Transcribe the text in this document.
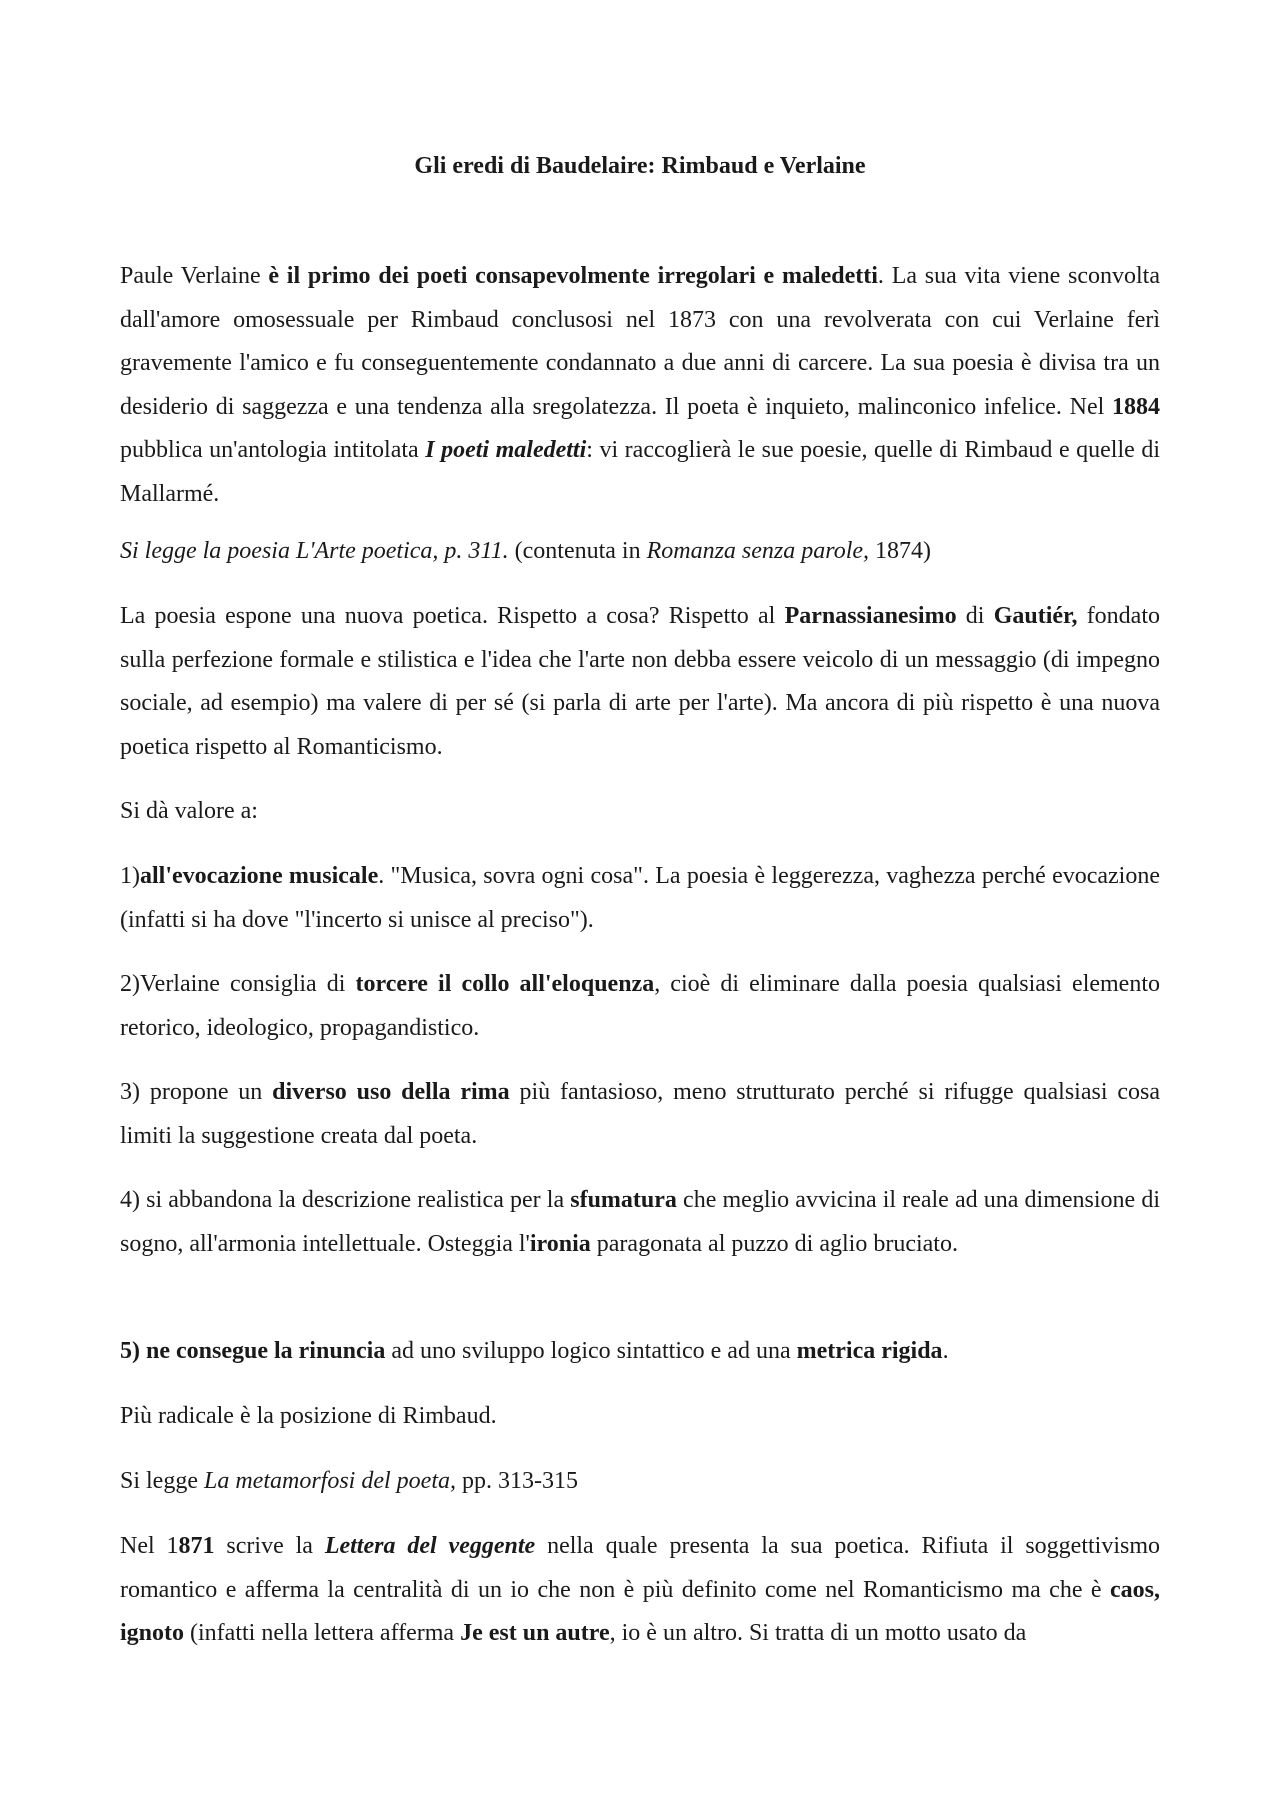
Gli eredi di Baudelaire: Rimbaud e Verlaine

Paule Verlaine è il primo dei poeti consapevolmente irregolari e maledetti. La sua vita viene sconvolta dall'amore omosessuale per Rimbaud conclusosi nel 1873 con una revolverata con cui Verlaine ferì gravemente l'amico e fu conseguentemente condannato a due anni di carcere. La sua poesia è divisa tra un desiderio di saggezza e una tendenza alla sregolatezza. Il poeta è inquieto, malinconico infelice. Nel 1884 pubblica un'antologia intitolata I poeti maledetti: vi raccoglierà le sue poesie, quelle di Rimbaud e quelle di Mallarmé.

Si legge la poesia L'Arte poetica, p. 311. (contenuta in Romanza senza parole, 1874)

La poesia espone una nuova poetica. Rispetto a cosa? Rispetto al Parnassianesimo di Gautiér, fondato sulla perfezione formale e stilistica e l'idea che l'arte non debba essere veicolo di un messaggio (di impegno sociale, ad esempio) ma valere di per sé (si parla di arte per l'arte). Ma ancora di più rispetto è una nuova poetica rispetto al Romanticismo.

Si dà valore a:

1)all'evocazione musicale. "Musica, sovra ogni cosa". La poesia è leggerezza, vaghezza perché evocazione (infatti si ha dove "l'incerto si unisce al preciso").

2)Verlaine consiglia di torcere il collo all'eloquenza, cioè di eliminare dalla poesia qualsiasi elemento retorico, ideologico, propagandistico.

3) propone un diverso uso della rima più fantasioso, meno strutturato perché si rifugge qualsiasi cosa limiti la suggestione creata dal poeta.

4) si abbandona la descrizione realistica per la sfumatura che meglio avvicina il reale ad una dimensione di sogno, all'armonia intellettuale. Osteggia l'ironia paragonata al puzzo di aglio bruciato.

5) ne consegue la rinuncia ad uno sviluppo logico sintattico e ad una metrica rigida.

Più radicale è la posizione di Rimbaud.

Si legge La metamorfosi del poeta, pp. 313-315

Nel 1871 scrive la Lettera del veggente nella quale presenta la sua poetica. Rifiuta il soggettivismo romantico e afferma la centralità di un io che non è più definito come nel Romanticismo ma che è caos, ignoto (infatti nella lettera afferma Je est un autre, io è un altro. Si tratta di un motto usato da
